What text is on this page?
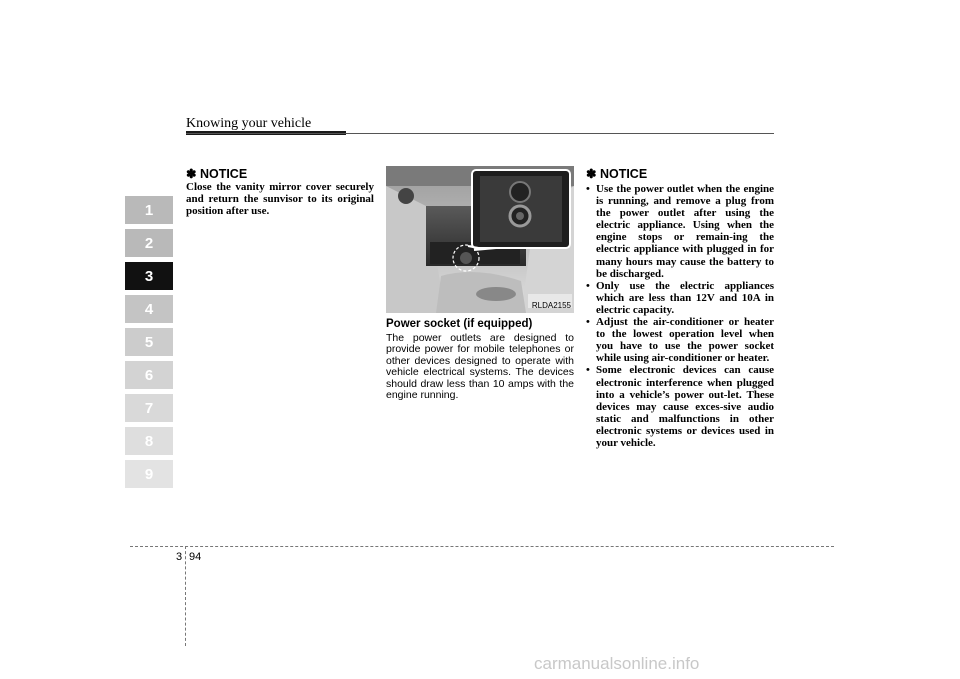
Knowing your vehicle
1
2
3
4
5
6
7
8
9
✽ NOTICE
Close the vanity mirror cover securely and return the sunvisor to its original position after use.
RLDA2155
Power socket (if equipped)
The power outlets are designed to provide power for mobile telephones or other devices designed to operate with vehicle electrical systems. The devices should draw less than 10 amps with the engine running.
✽ NOTICE
• Use the power outlet when the engine is running, and remove a plug from the power outlet after using the electric appliance. Using when the engine stops or remain-ing the electric appliance with plugged in for many hours may cause the battery to be discharged.
• Only use the electric appliances which are less than 12V and 10A in electric capacity.
• Adjust the air-conditioner or heater to the lowest operation level when you have to use the power socket while using air-conditioner or heater.
• Some electronic devices can cause electronic interference when plugged into a vehicle’s power out-let. These devices may cause exces-sive audio static and malfunctions in other electronic systems or devices used in your vehicle.
3 94
carmanualsonline.info
